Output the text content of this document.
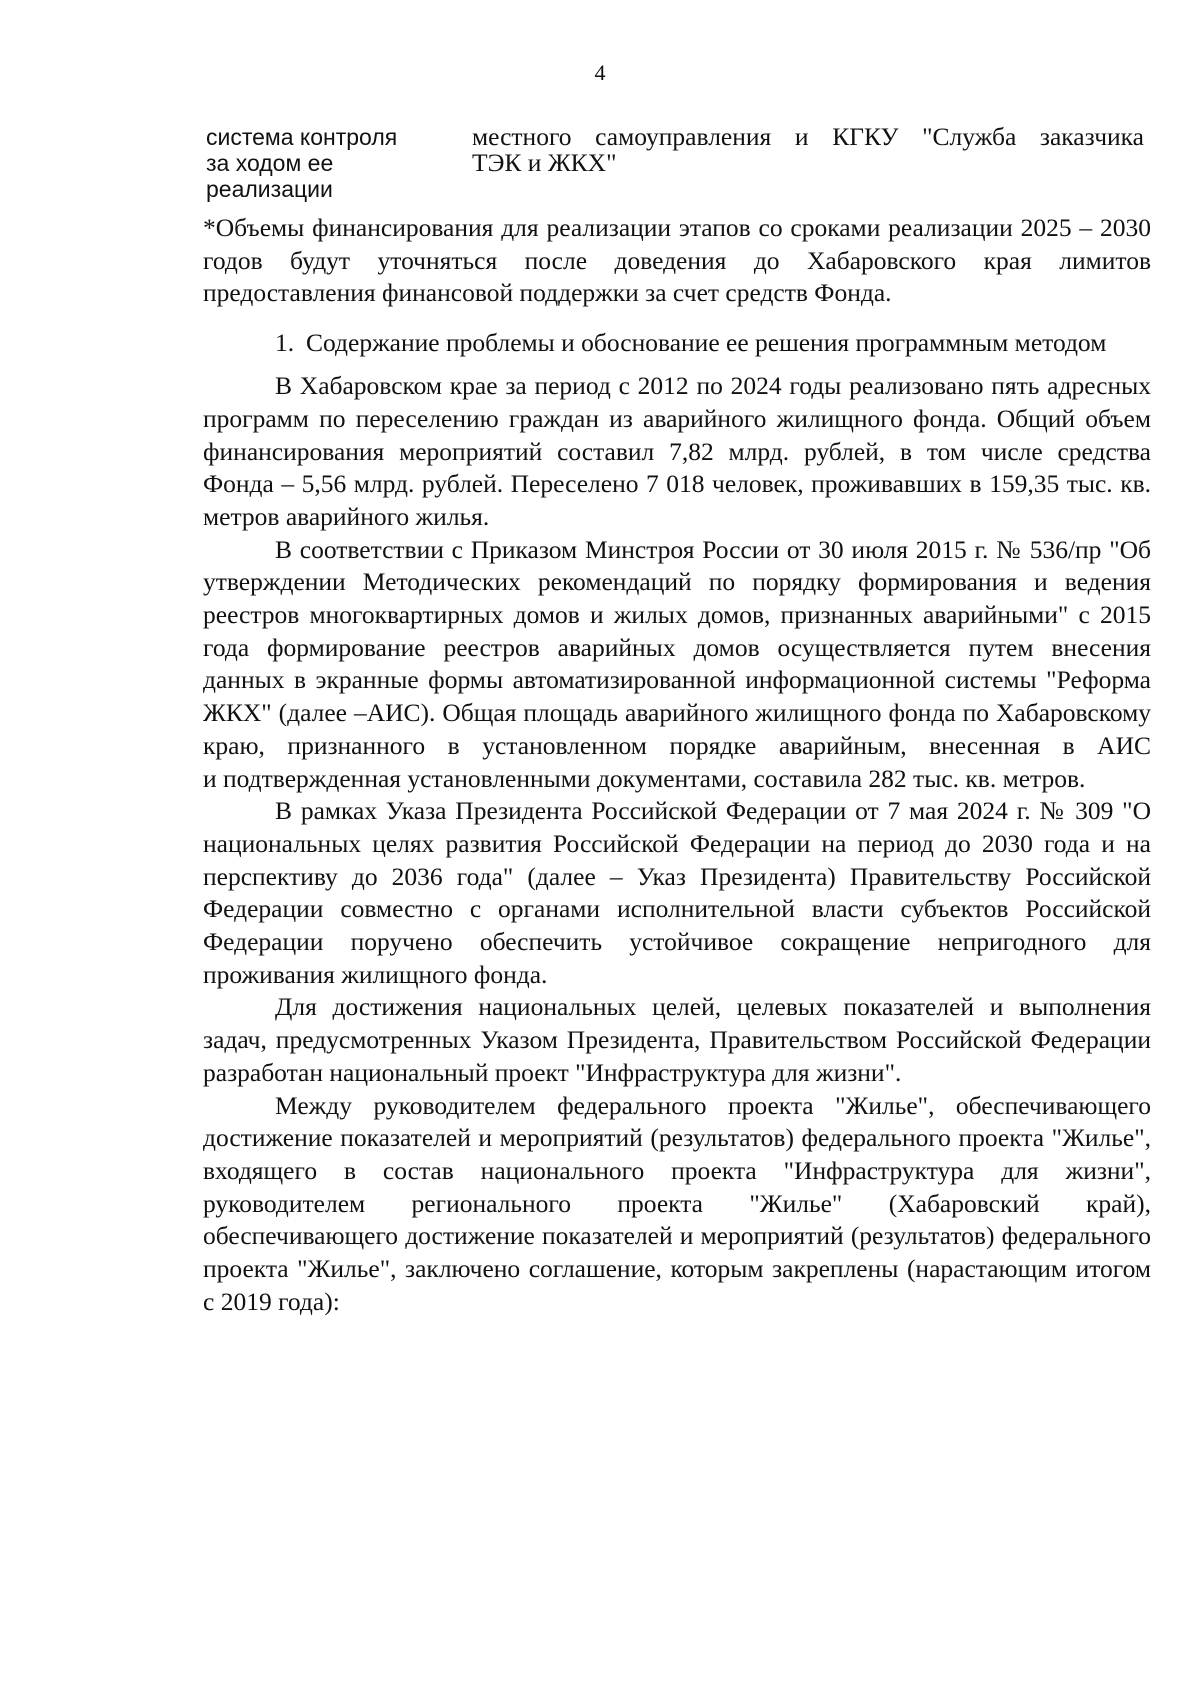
4
система контроля
за ходом ее
реализации
местного самоуправления и КГКУ "Служба заказчика
ТЭК и ЖКХ"

*Объемы финансирования для реализации этапов со сроками реализации 2025 – 2030 годов будут уточняться после доведения до Хабаровского края лимитов предоставления финансовой поддержки за счет средств Фонда.

1. Содержание проблемы и обоснование ее решения программным методом

В Хабаровском крае за период с 2012 по 2024 годы реализовано пять адресных программ по переселению граждан из аварийного жилищного фонда. Общий объем финансирования мероприятий составил 7,82 млрд. рублей, в том числе средства Фонда – 5,56 млрд. рублей. Переселено 7 018 человек, проживавших в 159,35 тыс. кв. метров аварийного жилья.

В соответствии с Приказом Минстроя России от 30 июля 2015 г. № 536/пр "Об утверждении Методических рекомендаций по порядку формирования и ведения реестров многоквартирных домов и жилых домов, признанных аварийными" с 2015 года формирование реестров аварийных домов осуществляется путем внесения данных в экранные формы автоматизированной информационной системы "Реформа ЖКХ" (далее –АИС). Общая площадь аварийного жилищного фонда по Хабаровскому краю, признанного в установленном порядке аварийным, внесенная в АИС

и подтвержденная установленными документами, составила 282 тыс. кв. метров.

В рамках Указа Президента Российской Федерации от 7 мая 2024 г. № 309 "О национальных целях развития Российской Федерации на период до 2030 года и на перспективу до 2036 года" (далее – Указ Президента) Правительству Российской Федерации совместно с органами исполнительной власти субъектов Российской Федерации поручено обеспечить устойчивое сокращение непригодного для проживания жилищного фонда.

Для достижения национальных целей, целевых показателей и выполнения задач, предусмотренных Указом Президента, Правительством Российской Федерации разработан национальный проект "Инфраструктура для жизни".

Между руководителем федерального проекта "Жилье", обеспечивающего достижение показателей и мероприятий (результатов) федерального проекта "Жилье", входящего в состав национального проекта "Инфраструктура для жизни", руководителем регионального проекта "Жилье" (Хабаровский край), обеспечивающего достижение показателей и мероприятий (результатов) федерального проекта "Жилье", заключено соглашение, которым закреплены (нарастающим итогом с 2019 года):
